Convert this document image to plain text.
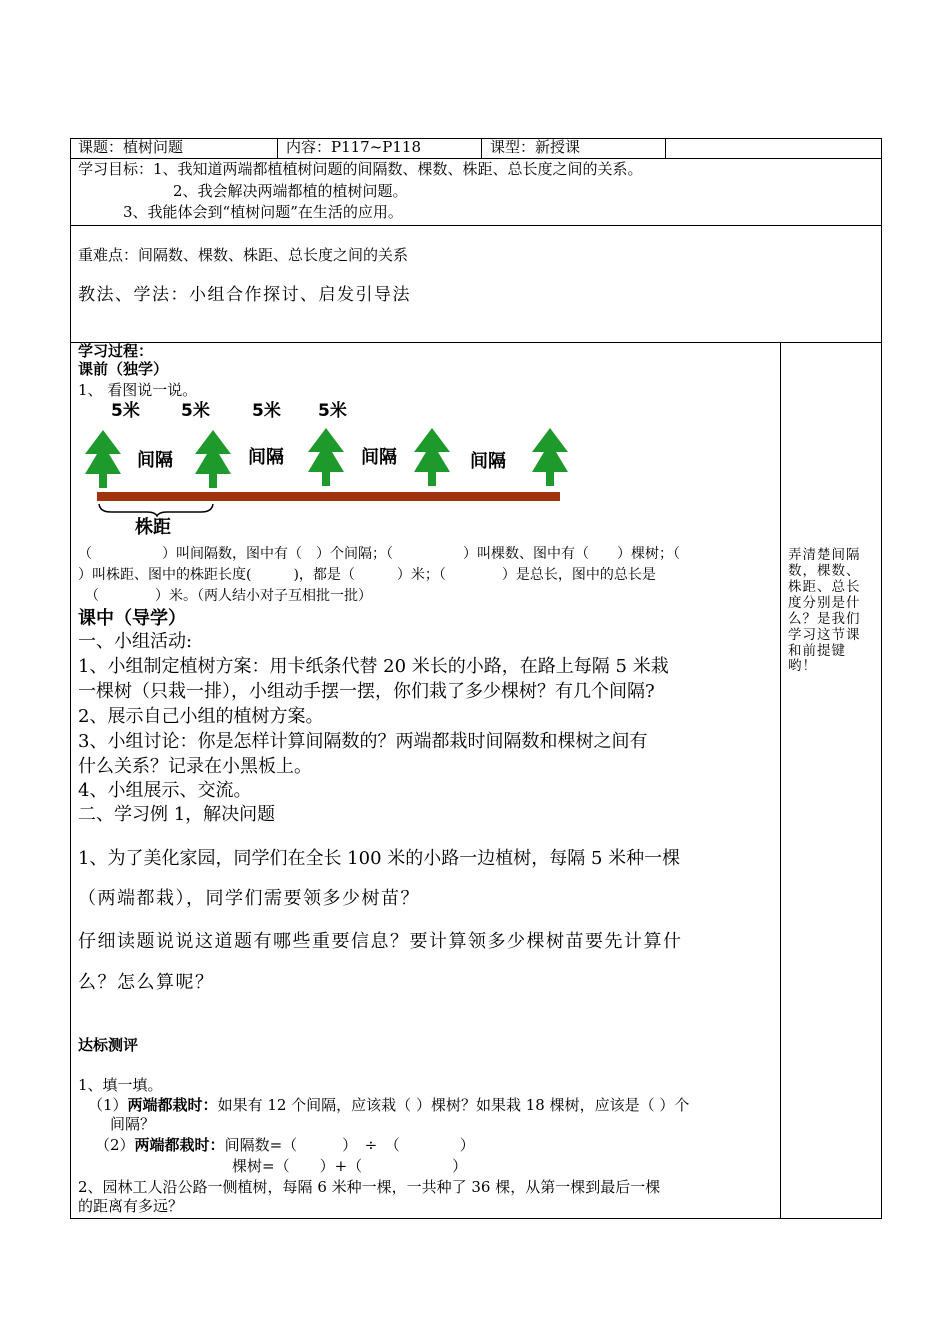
课题：植树问题	内容：P117~P118	课型：新授课
学习目标：1、我知道两端都植植树问题的间隔数、棵数、株距、总长度之间的关系。
2、我会解决两端都植的植树问题。
3、我能体会到“植树问题”在生活的应用。
重难点：间隔数、棵数、株距、总长度之间的关系
教法、学法：小组合作探讨、启发引导法
学习过程：
课前（独学）
1、 看图说一说。
5米 5米 5米 5米
间隔	间隔	间隔	间隔
株距
（　　　　　）叫间隔数，图中有（　）个间隔；（　　　　　）叫棵数、图中有（　　）棵树；（
）叫株距、图中的株距长度(　　　)，都是（　　　）米；（　　　　）是总长，图中的总长是
（　　　　）米。（两人结小对子互相批一批）
课中（导学）
一、小组活动:
1、小组制定植树方案：用卡纸条代替 20 米长的小路，在路上每隔 5 米栽
一棵树（只栽一排），小组动手摆一摆，你们栽了多少棵树？有几个间隔?
2、展示自己小组的植树方案。
3、小组讨论：你是怎样计算间隔数的？两端都栽时间隔数和棵树之间有
什么关系？记录在小黑板上。
4、小组展示、交流。
二、学习例 1，解决问题
1、为了美化家园，同学们在全长 100 米的小路一边植树，每隔 5 米种一棵
（两端都栽），同学们需要领多少树苗？
仔细读题说说这道题有哪些重要信息？要计算领多少棵树苗要先计算什
么？怎么算呢？
达标测评
1、填一填。
（1）两端都栽时：如果有 12 个间隔，应该栽（ ）棵树？如果栽 18 棵树，应该是（ ）个
间隔？
（2）两端都栽时：间隔数=（　　　）　÷　（　　　　）
棵树=（　　）+（　　　　　　）
2、园林工人沿公路一侧植树，每隔 6 米种一棵，一共种了 36 棵，从第一棵到最后一棵
的距离有多远？
弄清楚间隔数，棵数、株距、总长度分别是什么？是我们学习这节课和前提键哟！
